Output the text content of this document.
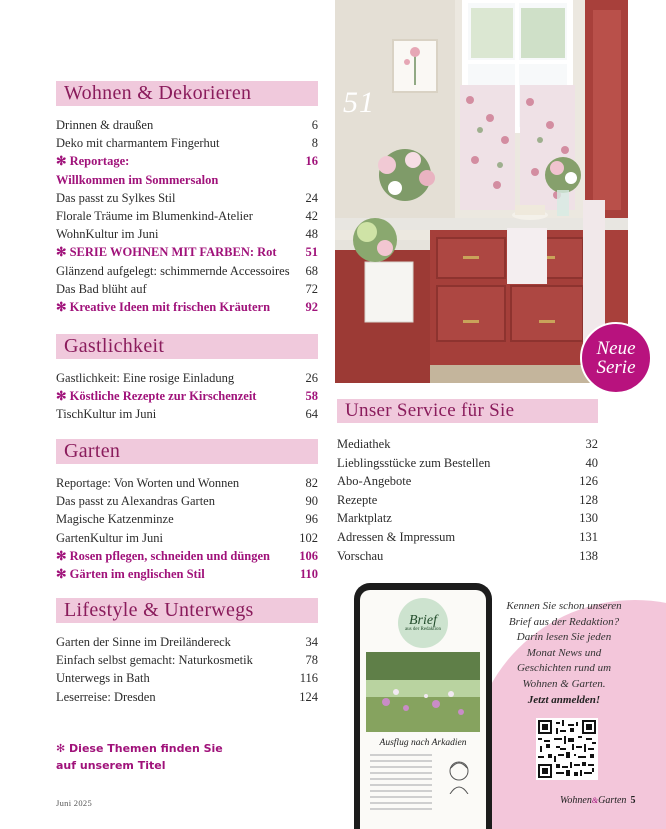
Wohnen & Dekorieren
Drinnen & draußen	6
Deko mit charmantem Fingerhut	8
✻ Reportage:	16
Willkommen im Sommersalon
Das passt zu Sylkes Stil	24
Florale Träume im Blumenkind-Atelier	42
WohnKultur im Juni	48
✻ SERIE WOHNEN MIT FARBEN: Rot	51
Glänzend aufgelegt: schimmernde Accessoires	68
Das Bad blüht auf	72
✻ Kreative Ideen mit frischen Kräutern	92
Gastlichkeit
Gastlichkeit: Eine rosige Einladung	26
✻ Köstliche Rezepte zur Kirschenzeit	58
TischKultur im Juni	64
Garten
Reportage: Von Worten und Wonnen	82
Das passt zu Alexandras Garten	90
Magische Katzenminze	96
GartenKultur im Juni	102
✻ Rosen pflegen, schneiden und düngen	106
✻ Gärten im englischen Stil	110
Lifestyle & Unterwegs
Garten der Sinne im Dreiländereck	34
Einfach selbst gemacht: Naturkosmetik	78
Unterwegs in Bath	116
Leserreise: Dresden	124
51
Neue
Serie
Unser Service für Sie
Mediathek	32
Lieblingsstücke zum Bestellen	40
Abo-Angebote	126
Rezepte	128
Marktplatz	130
Adressen & Impressum	131
Vorschau	138
Brief
aus der Redaktion
Ausflug nach Arkadien
Kennen Sie schon unseren Brief aus der Redaktion? Darin lesen Sie jeden Monat News und Geschichten rund um Wohnen & Garten.
Jetzt anmelden!
✻ Diese Themen finden Sie
auf unserem Titel
Juni 2025	Wohnen&Garten 5
